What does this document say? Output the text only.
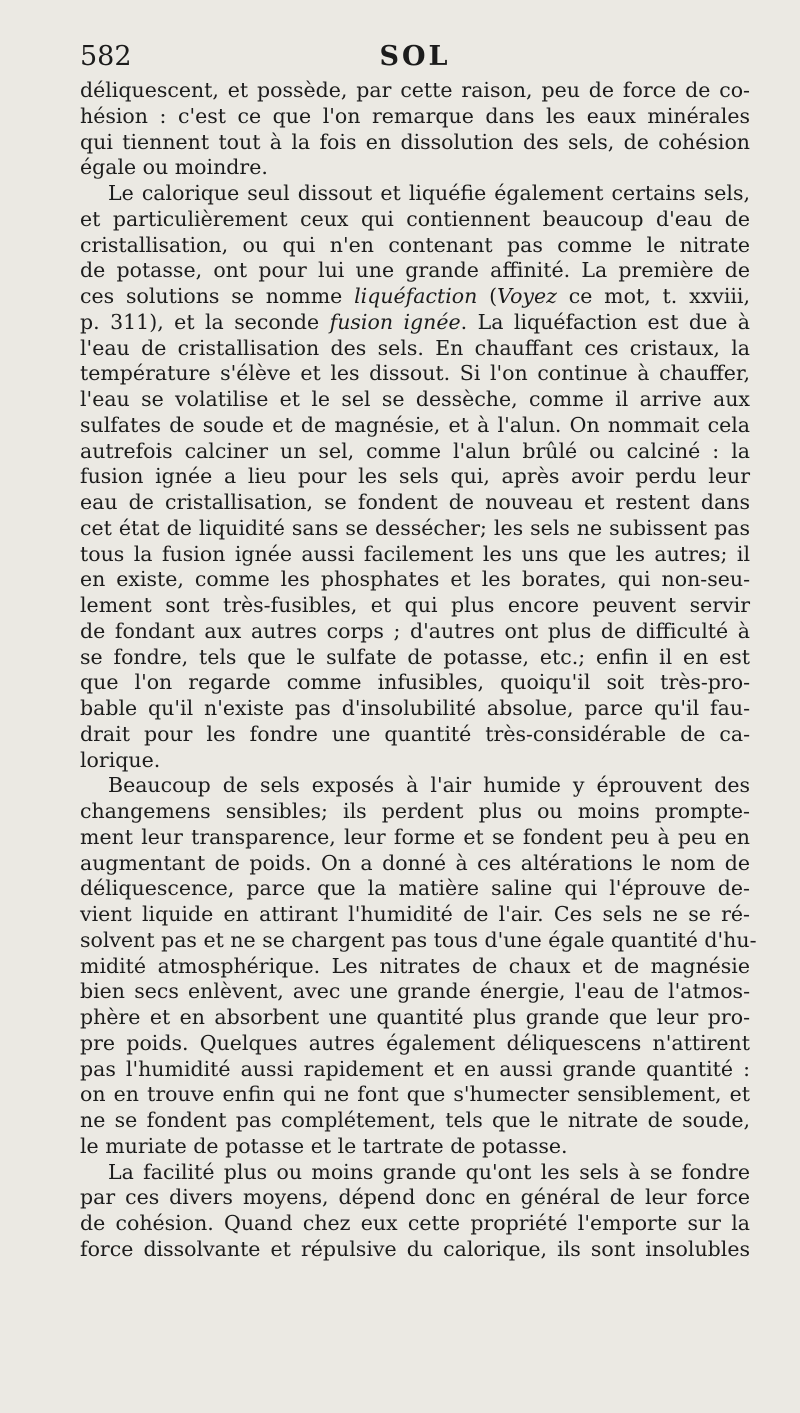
582	SOL

déliquescent, et possède, par cette raison, peu de force de co-
hésion : c'est ce que l'on remarque dans les eaux minérales
qui tiennent tout à la fois en dissolution des sels, de cohésion
égale ou moindre.

Le calorique seul dissout et liquéfie également certains sels,
et particulièrement ceux qui contiennent beaucoup d'eau de
cristallisation, ou qui n'en contenant pas comme le nitrate
de potasse, ont pour lui une grande affinité. La première de
ces solutions se nomme liquéfaction (Voyez ce mot, t. xxviii,
p. 311), et la seconde fusion ignée. La liquéfaction est due à
l'eau de cristallisation des sels. En chauffant ces cristaux, la
température s'élève et les dissout. Si l'on continue à chauffer,
l'eau se volatilise et le sel se dessèche, comme il arrive aux
sulfates de soude et de magnésie, et à l'alun. On nommait cela
autrefois calciner un sel, comme l'alun brûlé ou calciné : la
fusion ignée a lieu pour les sels qui, après avoir perdu leur
eau de cristallisation, se fondent de nouveau et restent dans
cet état de liquidité sans se dessécher; les sels ne subissent pas
tous la fusion ignée aussi facilement les uns que les autres; il
en existe, comme les phosphates et les borates, qui non-seu-
lement sont très-fusibles, et qui plus encore peuvent servir
de fondant aux autres corps ; d'autres ont plus de difficulté à
se fondre, tels que le sulfate de potasse, etc.; enfin il en est
que l'on regarde comme infusibles, quoiqu'il soit très-pro-
bable qu'il n'existe pas d'insolubilité absolue, parce qu'il fau-
drait pour les fondre une quantité très-considérable de ca-
lorique.

Beaucoup de sels exposés à l'air humide y éprouvent des
changemens sensibles; ils perdent plus ou moins prompte-
ment leur transparence, leur forme et se fondent peu à peu en
augmentant de poids. On a donné à ces altérations le nom de
déliquescence, parce que la matière saline qui l'éprouve de-
vient liquide en attirant l'humidité de l'air. Ces sels ne se ré-
solvent pas et ne se chargent pas tous d'une égale quantité d'hu-
midité atmosphérique. Les nitrates de chaux et de magnésie
bien secs enlèvent, avec une grande énergie, l'eau de l'atmos-
phère et en absorbent une quantité plus grande que leur pro-
pre poids. Quelques autres également déliquescens n'attirent
pas l'humidité aussi rapidement et en aussi grande quantité :
on en trouve enfin qui ne font que s'humecter sensiblement, et
ne se fondent pas complétement, tels que le nitrate de soude,
le muriate de potasse et le tartrate de potasse.

La facilité plus ou moins grande qu'ont les sels à se fondre
par ces divers moyens, dépend donc en général de leur force
de cohésion. Quand chez eux cette propriété l'emporte sur la
force dissolvante et répulsive du calorique, ils sont insolubles
